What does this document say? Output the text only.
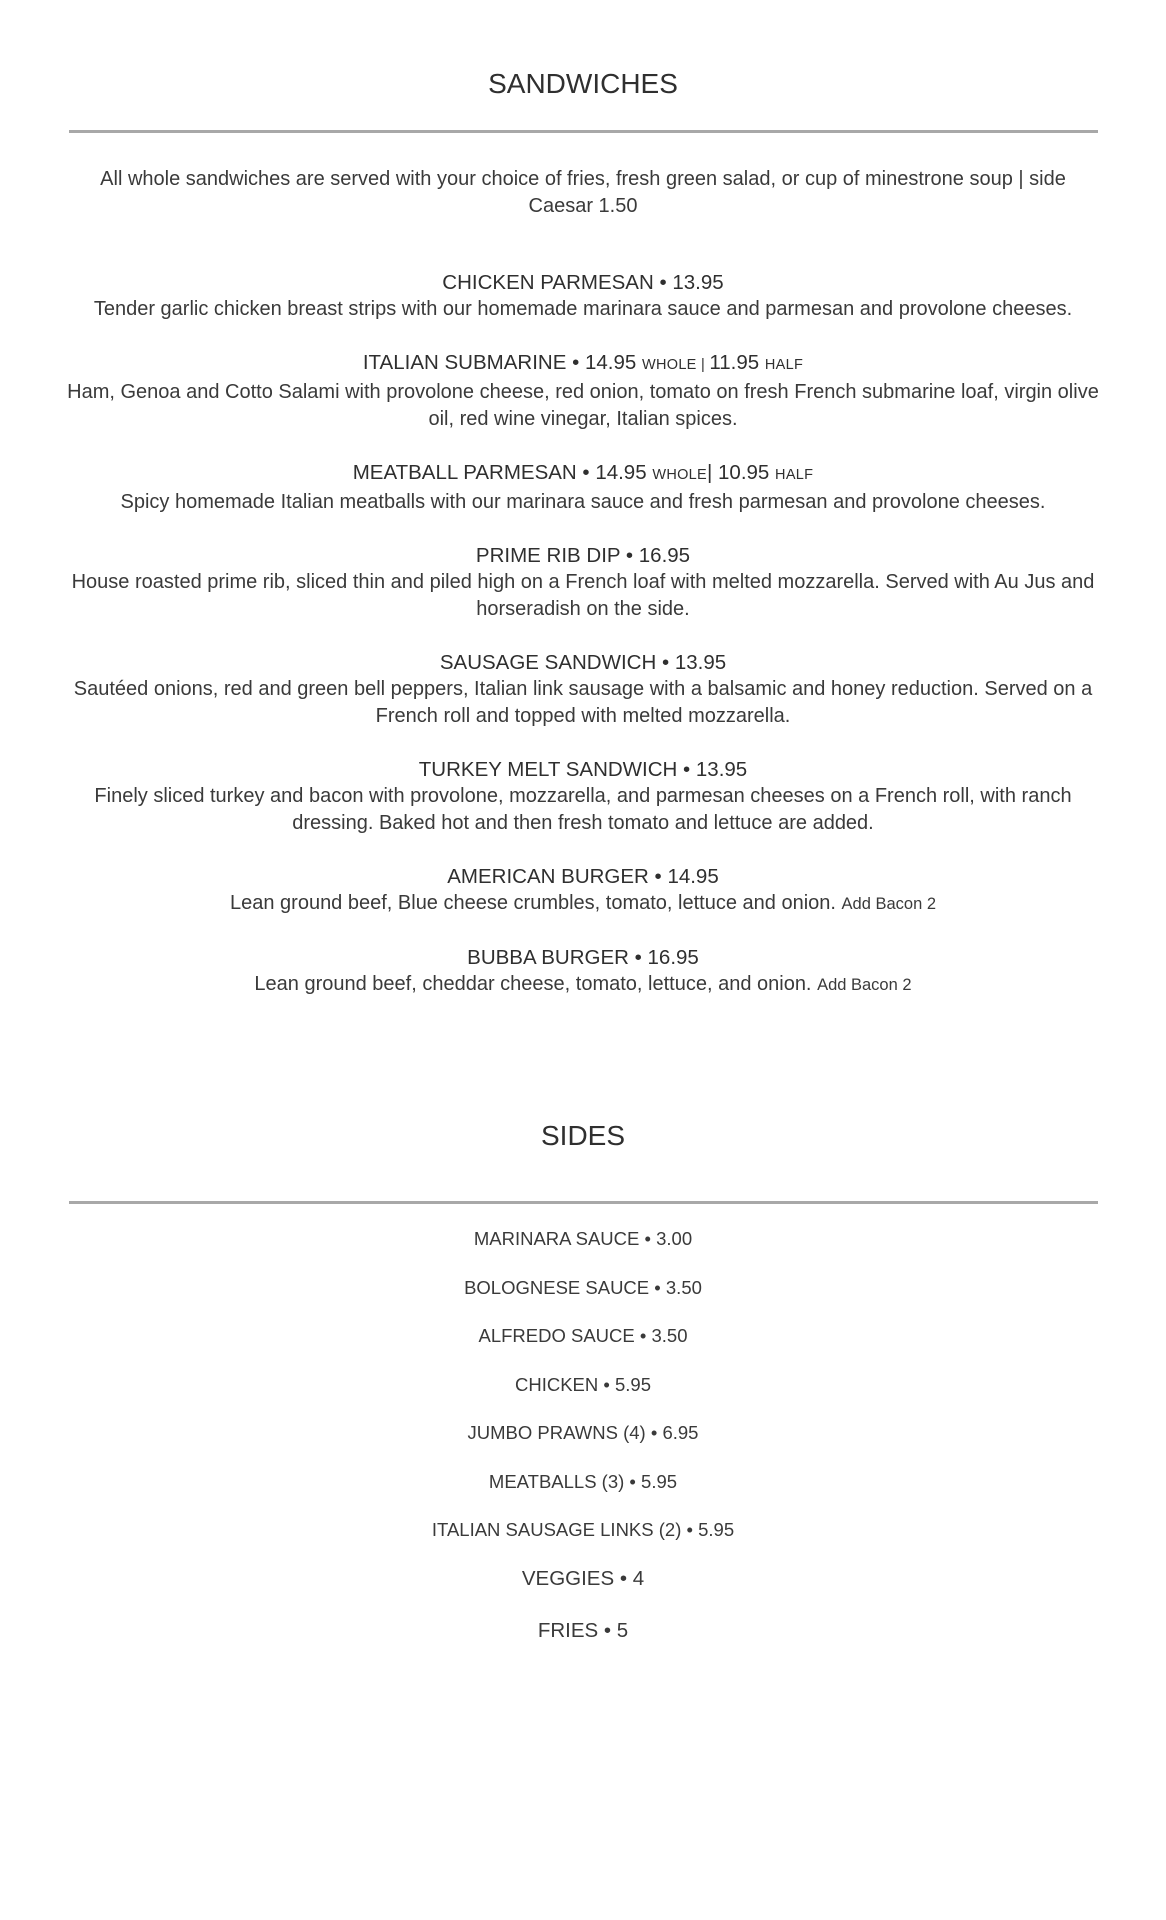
SANDWICHES
All whole sandwiches are served with your choice of fries, fresh green salad, or cup of minestrone soup | side Caesar 1.50
CHICKEN PARMESAN • 13.95
Tender garlic chicken breast strips with our homemade marinara sauce and parmesan and provolone cheeses.
ITALIAN SUBMARINE • 14.95 WHOLE | 11.95 HALF
Ham, Genoa and Cotto Salami with provolone cheese, red onion, tomato on fresh French submarine loaf, virgin olive oil, red wine vinegar, Italian spices.
MEATBALL PARMESAN • 14.95 WHOLE| 10.95 HALF
Spicy homemade Italian meatballs with our marinara sauce and fresh parmesan and provolone cheeses.
PRIME RIB DIP • 16.95
House roasted prime rib, sliced thin and piled high on a French loaf with melted mozzarella. Served with Au Jus and horseradish on the side.
SAUSAGE SANDWICH • 13.95
Sautéed onions, red and green bell peppers, Italian link sausage with a balsamic and honey reduction. Served on a French roll and topped with melted mozzarella.
TURKEY MELT SANDWICH • 13.95
Finely sliced turkey and bacon with provolone, mozzarella, and parmesan cheeses on a French roll, with ranch dressing. Baked hot and then fresh tomato and lettuce are added.
AMERICAN BURGER • 14.95
Lean ground beef, Blue cheese crumbles, tomato, lettuce and onion. Add Bacon 2
BUBBA BURGER • 16.95
Lean ground beef, cheddar cheese, tomato, lettuce, and onion. Add Bacon 2
SIDES
MARINARA SAUCE • 3.00
BOLOGNESE SAUCE • 3.50
ALFREDO SAUCE • 3.50
CHICKEN • 5.95
JUMBO PRAWNS (4) • 6.95
MEATBALLS (3) • 5.95
ITALIAN SAUSAGE LINKS (2) • 5.95
VEGGIES • 4
FRIES • 5
